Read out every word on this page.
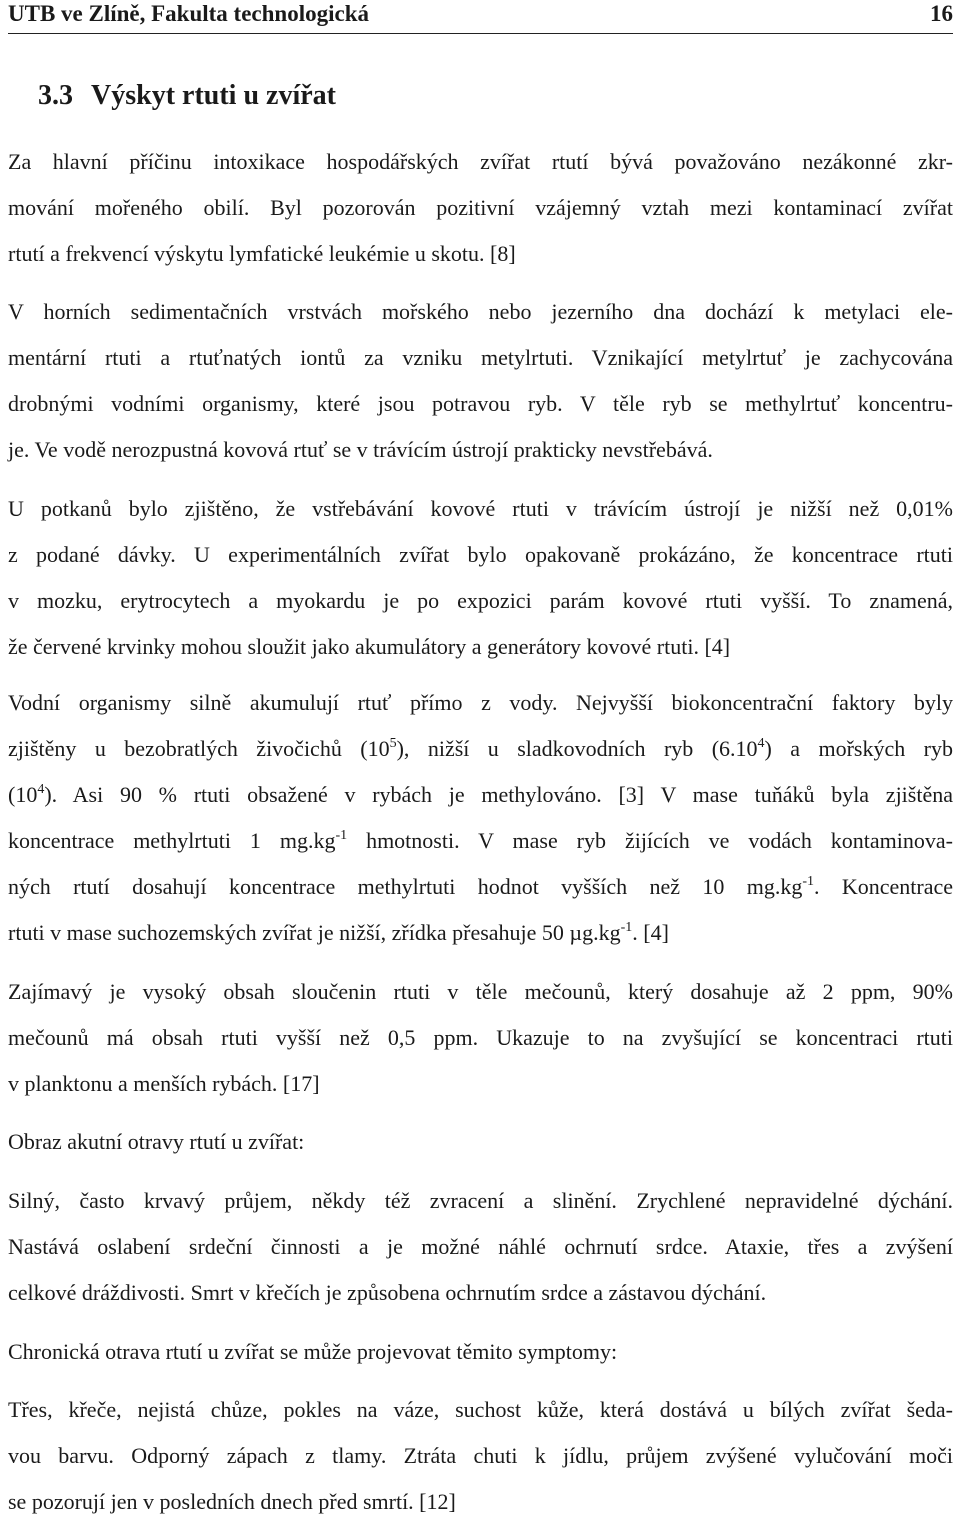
UTB ve Zlíně, Fakulta technologická	16
3.3 Výskyt rtuti u zvířat
Za hlavní příčinu intoxikace hospodářských zvířat rtutí bývá považováno nezákonné zkr-
mování mořeného obilí. Byl pozorován pozitivní vzájemný vztah mezi kontaminací zvířat
rtutí a frekvencí výskytu lymfatické leukémie u skotu. [8]
V horních sedimentačních vrstvách mořského nebo jezerního dna dochází k metylaci ele-
mentární rtuti a rtuťnatých iontů za vzniku metylrtuti. Vznikající metylrtuť je zachycována
drobnými vodními organismy, které jsou potravou ryb. V těle ryb se methylrtuť koncentru-
je. Ve vodě nerozpustná kovová rtuť se v trávícím ústrojí prakticky nevstřebává.
U potkanů bylo zjištěno, že vstřebávání kovové rtuti v trávícím ústrojí je nižší než 0,01%
z podané dávky. U experimentálních zvířat bylo opakovaně prokázáno, že koncentrace rtuti
v mozku, erytrocytech a myokardu je po expozici parám kovové rtuti vyšší. To znamená,
že červené krvinky mohou sloužit jako akumulátory a generátory kovové rtuti. [4]
Vodní organismy silně akumulují rtuť přímo z vody. Nejvyšší biokoncentrační faktory byly
zjištěny u bezobratlých živočichů $(10^5)$, nižší u sladkovodních ryb (6.10$^4$) a mořských ryb
$(10^4)$. Asi 90 % rtuti obsažené v rybách je methylováno. [3] V mase tuňáků byla zjištěna
koncentrace methylrtuti 1 $mg.kg^{-1}$ hmotnosti. V mase ryb žijících ve vodách kontaminova-
ných rtutí dosahují koncentrace methylrtuti hodnot vyšších než 10 $mg.kg^{-1}$. Koncentrace
rtuti v mase suchozemských zvířat je nižší, zřídka přesahuje 50 $\mu g.kg^{-1}$. [4]
Zajímavý je vysoký obsah sloučenin rtuti v těle mečounů, který dosahuje až 2 ppm, 90%
mečounů má obsah rtuti vyšší než 0,5 ppm. Ukazuje to na zvyšující se koncentraci rtuti
v planktonu a menších rybách. [17]
Obraz akutní otravy rtutí u zvířat:
Silný, často krvavý průjem, někdy též zvracení a slinění. Zrychlené nepravidelné dýchání.
Nastává oslabení srdeční činnosti a je možné náhlé ochrnutí srdce. Ataxie, třes a zvýšení
celkové dráždivosti. Smrt v křečích je způsobena ochrnutím srdce a zástavou dýchání.
Chronická otrava rtutí u zvířat se může projevovat těmito symptomy:
Třes, křeče, nejistá chůze, pokles na váze, suchost kůže, která dostává u bílých zvířat šeda-
vou barvu. Odporný zápach z tlamy. Ztráta chuti k jídlu, průjem zvýšené vylučování moči
se pozorují jen v posledních dnech před smrtí. [12]
